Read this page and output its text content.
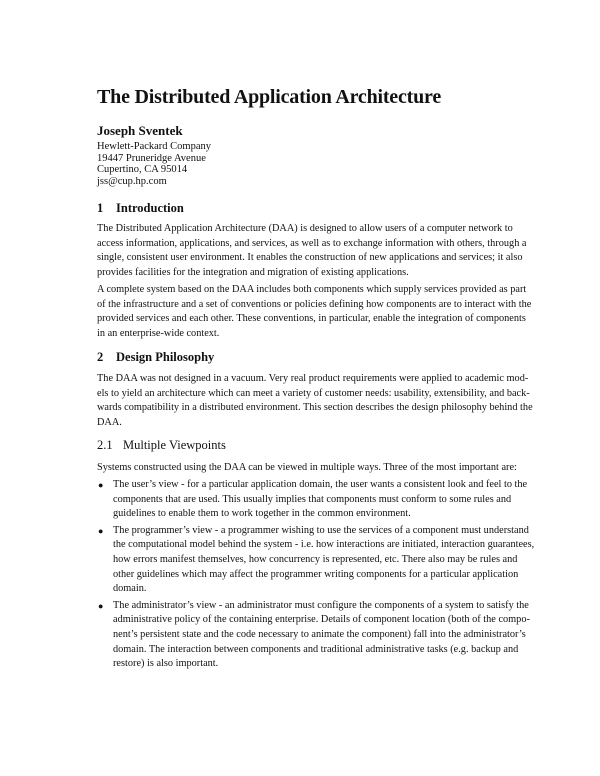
The Distributed Application Architecture

Joseph Sventek

Hewlett-Packard Company
19447 Pruneridge Avenue
Cupertino, CA 95014
jss@cup.hp.com
1 Introduction

The Distributed Application Architecture (DAA) is designed to allow users of a computer network to
access information, applications, and services, as well as to exchange information with others, through a
single, consistent user environment. It enables the construction of new applications and services; it also
provides facilities for the integration and migration of existing applications.

A complete system based on the DAA includes both components which supply services provided as part
of the infrastructure and a set of conventions or policies defining how components are to interact with the
provided services and each other. These conventions, in particular, enable the integration of components
in an enterprise-wide context.

2 Design Philosophy

The DAA was not designed in a vacuum. Very real product requirements were applied to academic mod-
els to yield an architecture which can meet a variety of customer needs: usability, extensibility, and back-
wards compatibility in a distributed environment. This section describes the design philosophy behind the
DAA.

2.1 Multiple Viewpoints

Systems constructed using the DAA can be viewed in multiple ways. Three of the most important are:

● The user’s view - for a particular application domain, the user wants a consistent look and feel to the
components that are used. This usually implies that components must conform to some rules and
guidelines to enable them to work together in the common environment.
● The programmer’s view - a programmer wishing to use the services of a component must understand
the computational model behind the system - i.e. how interactions are initiated, interaction guarantees,
how errors manifest themselves, how concurrency is represented, etc. There also may be rules and
other guidelines which may affect the programmer writing components for a particular application
domain.
● The administrator’s view - an administrator must configure the components of a system to satisfy the
administrative policy of the containing enterprise. Details of component location (both of the compo-
nent’s persistent state and the code necessary to animate the component) fall into the administrator’s
domain. The interaction between components and traditional administrative tasks (e.g. backup and
restore) is also important.
